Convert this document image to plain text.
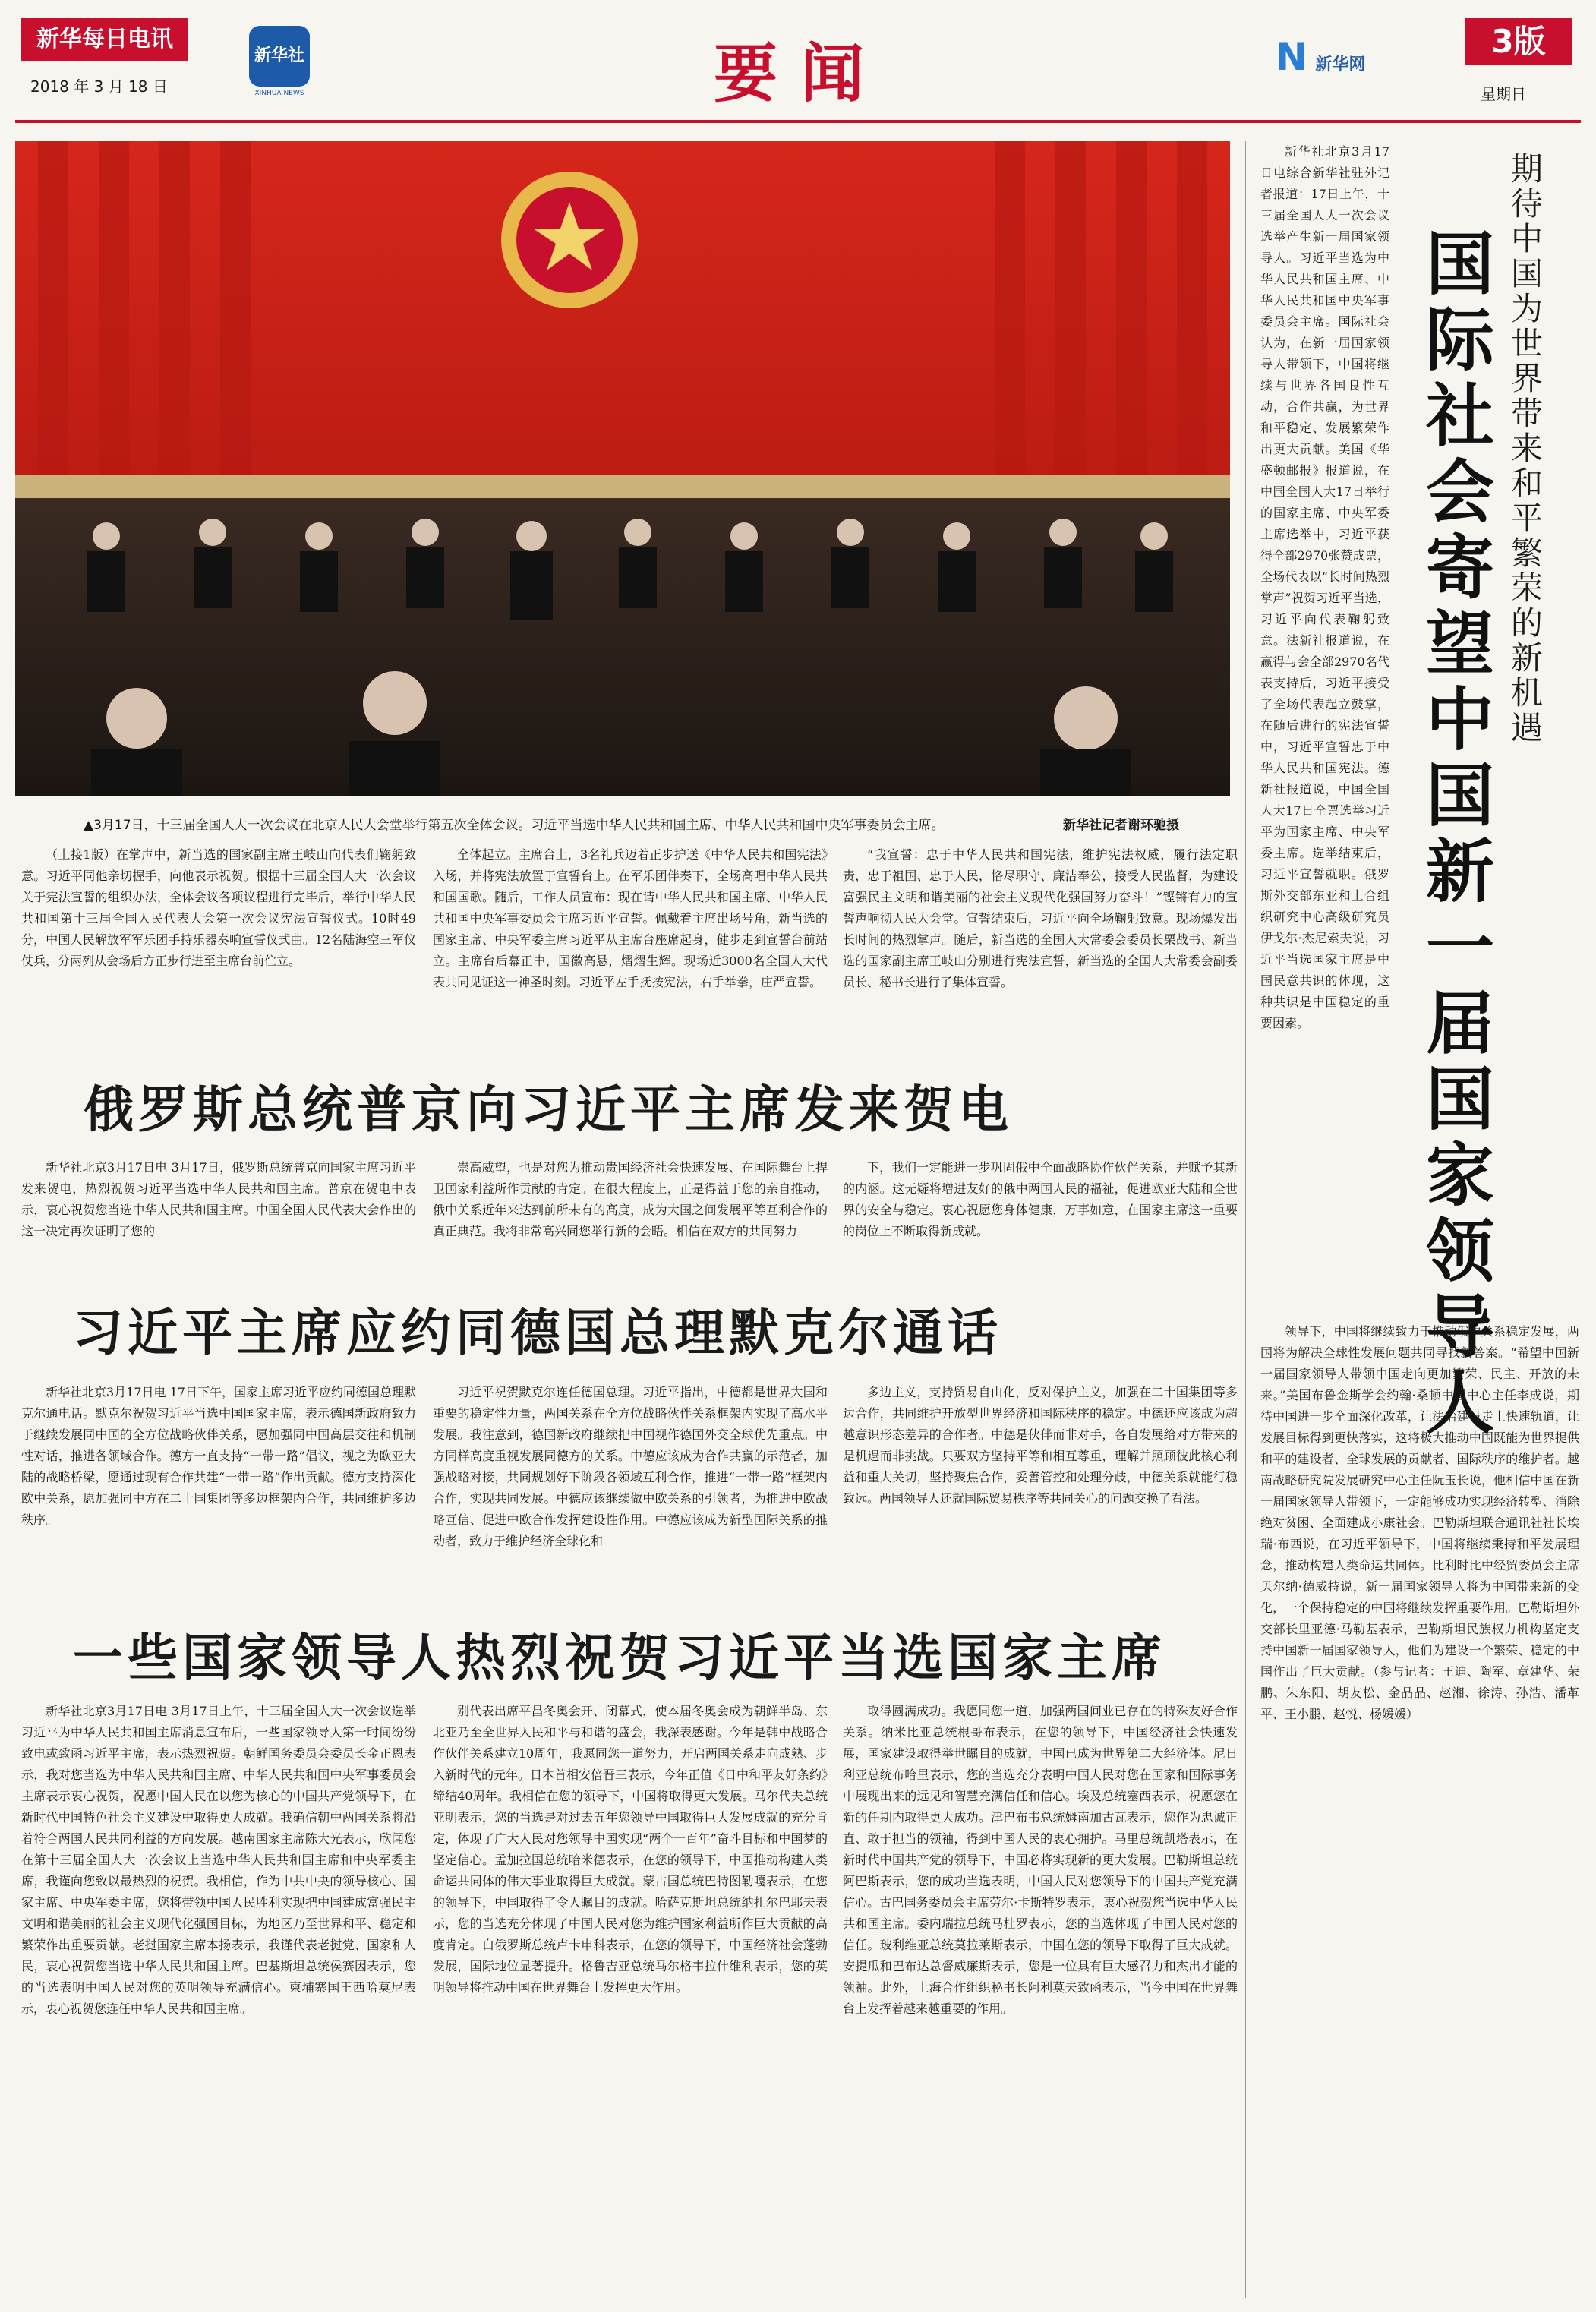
新华每日电讯
2018 年 3 月 18 日
新华社
XINHUA NEWS	要闻	N 新华网
3版
星期日
▲3月17日，十三届全国人大一次会议在北京人民大会堂举行第五次全体会议。习近平当选中华人民共和国主席、中华人民共和国中央军事委员会主席。	新华社记者谢环驰摄

（上接1版）在掌声中，新当选的国家副主席王岐山向代表们鞠躬致意。习近平同他亲切握手，向他表示祝贺。根据十三届全国人大一次会议关于宪法宣誓的组织办法，全体会议各项议程进行完毕后，举行中华人民共和国第十三届全国人民代表大会第一次会议宪法宣誓仪式。10时49分，中国人民解放军军乐团手持乐器奏响宣誓仪式曲。12名陆海空三军仪仗兵，分两列从会场后方正步行进至主席台前伫立。

全体起立。主席台上，3名礼兵迈着正步护送《中华人民共和国宪法》入场，并将宪法放置于宣誓台上。在军乐团伴奏下，全场高唱中华人民共和国国歌。随后，工作人员宣布：现在请中华人民共和国主席、中华人民共和国中央军事委员会主席习近平宣誓。佩戴着主席出场号角，新当选的国家主席、中央军委主席习近平从主席台座席起身，健步走到宣誓台前站立。主席台后幕正中，国徽高悬，熠熠生辉。现场近3000名全国人大代表共同见证这一神圣时刻。习近平左手抚按宪法，右手举拳，庄严宣誓。

“我宣誓：忠于中华人民共和国宪法，维护宪法权威，履行法定职责，忠于祖国、忠于人民，恪尽职守、廉洁奉公，接受人民监督，为建设富强民主文明和谐美丽的社会主义现代化强国努力奋斗！”铿锵有力的宣誓声响彻人民大会堂。宣誓结束后，习近平向全场鞠躬致意。现场爆发出长时间的热烈掌声。随后，新当选的全国人大常委会委员长栗战书、新当选的国家副主席王岐山分别进行宪法宣誓，新当选的全国人大常委会副委员长、秘书长进行了集体宣誓。

俄罗斯总统普京向习近平主席发来贺电

新华社北京3月17日电 3月17日，俄罗斯总统普京向国家主席习近平发来贺电，热烈祝贺习近平当选中华人民共和国主席。普京在贺电中表示，衷心祝贺您当选中华人民共和国主席。中国全国人民代表大会作出的这一决定再次证明了您的

崇高威望，也是对您为推动贵国经济社会快速发展、在国际舞台上捍卫国家利益所作贡献的肯定。在很大程度上，正是得益于您的亲自推动，俄中关系近年来达到前所未有的高度，成为大国之间发展平等互利合作的真正典范。我将非常高兴同您举行新的会晤。相信在双方的共同努力

下，我们一定能进一步巩固俄中全面战略协作伙伴关系，并赋予其新的内涵。这无疑将增进友好的俄中两国人民的福祉，促进欧亚大陆和全世界的安全与稳定。衷心祝愿您身体健康，万事如意，在国家主席这一重要的岗位上不断取得新成就。

习近平主席应约同德国总理默克尔通话

新华社北京3月17日电 17日下午，国家主席习近平应约同德国总理默克尔通电话。默克尔祝贺习近平当选中国国家主席，表示德国新政府致力于继续发展同中国的全方位战略伙伴关系，愿加强同中国高层交往和机制性对话，推进各领域合作。德方一直支持“一带一路”倡议，视之为欧亚大陆的战略桥梁，愿通过现有合作共建“一带一路”作出贡献。德方支持深化欧中关系，愿加强同中方在二十国集团等多边框架内合作，共同维护多边秩序。

习近平祝贺默克尔连任德国总理。习近平指出，中德都是世界大国和重要的稳定性力量，两国关系在全方位战略伙伴关系框架内实现了高水平发展。我注意到，德国新政府继续把中国视作德国外交全球优先重点。中方同样高度重视发展同德方的关系。中德应该成为合作共赢的示范者，加强战略对接，共同规划好下阶段各领域互利合作，推进“一带一路”框架内合作，实现共同发展。中德应该继续做中欧关系的引领者，为推进中欧战略互信、促进中欧合作发挥建设性作用。中德应该成为新型国际关系的推动者，致力于维护经济全球化和

多边主义，支持贸易自由化，反对保护主义，加强在二十国集团等多边合作，共同维护开放型世界经济和国际秩序的稳定。中德还应该成为超越意识形态差异的合作者。中德是伙伴而非对手，各自发展给对方带来的是机遇而非挑战。只要双方坚持平等和相互尊重，理解并照顾彼此核心利益和重大关切，坚持聚焦合作，妥善管控和处理分歧，中德关系就能行稳致远。两国领导人还就国际贸易秩序等共同关心的问题交换了看法。

一些国家领导人热烈祝贺习近平当选国家主席

新华社北京3月17日电 3月17日上午，十三届全国人大一次会议选举习近平为中华人民共和国主席消息宣布后，一些国家领导人第一时间纷纷致电或致函习近平主席，表示热烈祝贺。朝鲜国务委员会委员长金正恩表示，我对您当选为中华人民共和国主席、中华人民共和国中央军事委员会主席表示衷心祝贺，祝愿中国人民在以您为核心的中国共产党领导下，在新时代中国特色社会主义建设中取得更大成就。我确信朝中两国关系将沿着符合两国人民共同利益的方向发展。越南国家主席陈大光表示，欣闻您在第十三届全国人大一次会议上当选中华人民共和国主席和中央军委主席，我谨向您致以最热烈的祝贺。我相信，作为中共中央的领导核心、国家主席、中央军委主席，您将带领中国人民胜利实现把中国建成富强民主文明和谐美丽的社会主义现代化强国目标，为地区乃至世界和平、稳定和繁荣作出重要贡献。老挝国家主席本扬表示，我谨代表老挝党、国家和人民，衷心祝贺您当选中华人民共和国主席。巴基斯坦总统侯赛因表示，您的当选表明中国人民对您的英明领导充满信心。柬埔寨国王西哈莫尼表示，衷心祝贺您连任中华人民共和国主席。

别代表出席平昌冬奥会开、闭幕式，使本届冬奥会成为朝鲜半岛、东北亚乃至全世界人民和平与和谐的盛会，我深表感谢。今年是韩中战略合作伙伴关系建立10周年，我愿同您一道努力，开启两国关系走向成熟、步入新时代的元年。日本首相安倍晋三表示，今年正值《日中和平友好条约》缔结40周年。我相信在您的领导下，中国将取得更大发展。马尔代夫总统亚明表示，您的当选是对过去五年您领导中国取得巨大发展成就的充分肯定，体现了广大人民对您领导中国实现“两个一百年”奋斗目标和中国梦的坚定信心。孟加拉国总统哈米德表示，在您的领导下，中国推动构建人类命运共同体的伟大事业取得巨大成就。蒙古国总统巴特图勒嘎表示，在您的领导下，中国取得了令人瞩目的成就。哈萨克斯坦总统纳扎尔巴耶夫表示，您的当选充分体现了中国人民对您为维护国家利益所作巨大贡献的高度肯定。白俄罗斯总统卢卡申科表示，在您的领导下，中国经济社会蓬勃发展，国际地位显著提升。格鲁吉亚总统马尔格韦拉什维利表示，您的英明领导将推动中国在世界舞台上发挥更大作用。

取得圆满成功。我愿同您一道，加强两国间业已存在的特殊友好合作关系。纳米比亚总统根哥布表示，在您的领导下，中国经济社会快速发展，国家建设取得举世瞩目的成就，中国已成为世界第二大经济体。尼日利亚总统布哈里表示，您的当选充分表明中国人民对您在国家和国际事务中展现出来的远见和智慧充满信任和信心。埃及总统塞西表示，祝愿您在新的任期内取得更大成功。津巴布韦总统姆南加古瓦表示，您作为忠诚正直、敢于担当的领袖，得到中国人民的衷心拥护。马里总统凯塔表示，在新时代中国共产党的领导下，中国必将实现新的更大发展。巴勒斯坦总统阿巴斯表示，您的成功当选表明，中国人民对您领导下的中国共产党充满信心。古巴国务委员会主席劳尔·卡斯特罗表示，衷心祝贺您当选中华人民共和国主席。委内瑞拉总统马杜罗表示，您的当选体现了中国人民对您的信任。玻利维亚总统莫拉莱斯表示，中国在您的领导下取得了巨大成就。安提瓜和巴布达总督威廉斯表示，您是一位具有巨大感召力和杰出才能的领袖。此外，上海合作组织秘书长阿利莫夫致函表示，当今中国在世界舞台上发挥着越来越重要的作用。

期待中国为世界带来和平繁荣的新机遇
国际社会寄望中国新一届国家领导人

新华社北京3月17日电综合新华社驻外记者报道：17日上午，十三届全国人大一次会议选举产生新一届国家领导人。习近平当选为中华人民共和国主席、中华人民共和国中央军事委员会主席。国际社会认为，在新一届国家领导人带领下，中国将继续与世界各国良性互动，合作共赢，为世界和平稳定、发展繁荣作出更大贡献。美国《华盛顿邮报》报道说，在中国全国人大17日举行的国家主席、中央军委主席选举中，习近平获得全部2970张赞成票，全场代表以“长时间热烈掌声”祝贺习近平当选，习近平向代表鞠躬致意。法新社报道说，在赢得与会全部2970名代表支持后，习近平接受了全场代表起立鼓掌，在随后进行的宪法宣誓中，习近平宣誓忠于中华人民共和国宪法。德新社报道说，中国全国人大17日全票选举习近平为国家主席、中央军委主席。选举结束后，习近平宣誓就职。俄罗斯外交部东亚和上合组织研究中心高级研究员伊戈尔·杰尼索夫说，习近平当选国家主席是中国民意共识的体现，这种共识是中国稳定的重要因素。

领导下，中国将继续致力于推动俄中关系稳定发展，两国将为解决全球性发展问题共同寻找新答案。“希望中国新一届国家领导人带领中国走向更加繁荣、民主、开放的未来。”美国布鲁金斯学会约翰·桑顿中国中心主任李成说，期待中国进一步全面深化改革，让法治建设走上快速轨道，让发展目标得到更快落实，这将极大推动中国既能为世界提供和平的建设者、全球发展的贡献者、国际秩序的维护者。越南战略研究院发展研究中心主任阮玉长说，他相信中国在新一届国家领导人带领下，一定能够成功实现经济转型、消除绝对贫困、全面建成小康社会。巴勒斯坦联合通讯社社长埃瑞·布西说，在习近平领导下，中国将继续秉持和平发展理念，推动构建人类命运共同体。比利时比中经贸委员会主席贝尔纳·德威特说，新一届国家领导人将为中国带来新的变化，一个保持稳定的中国将继续发挥重要作用。巴勒斯坦外交部长里亚德·马勒基表示，巴勒斯坦民族权力机构坚定支持中国新一届国家领导人，他们为建设一个繁荣、稳定的中国作出了巨大贡献。（参与记者：王迪、陶军、章建华、荣鹏、朱东阳、胡友松、金晶晶、赵湘、徐涛、孙浩、潘革平、王小鹏、赵悦、杨媛媛）
